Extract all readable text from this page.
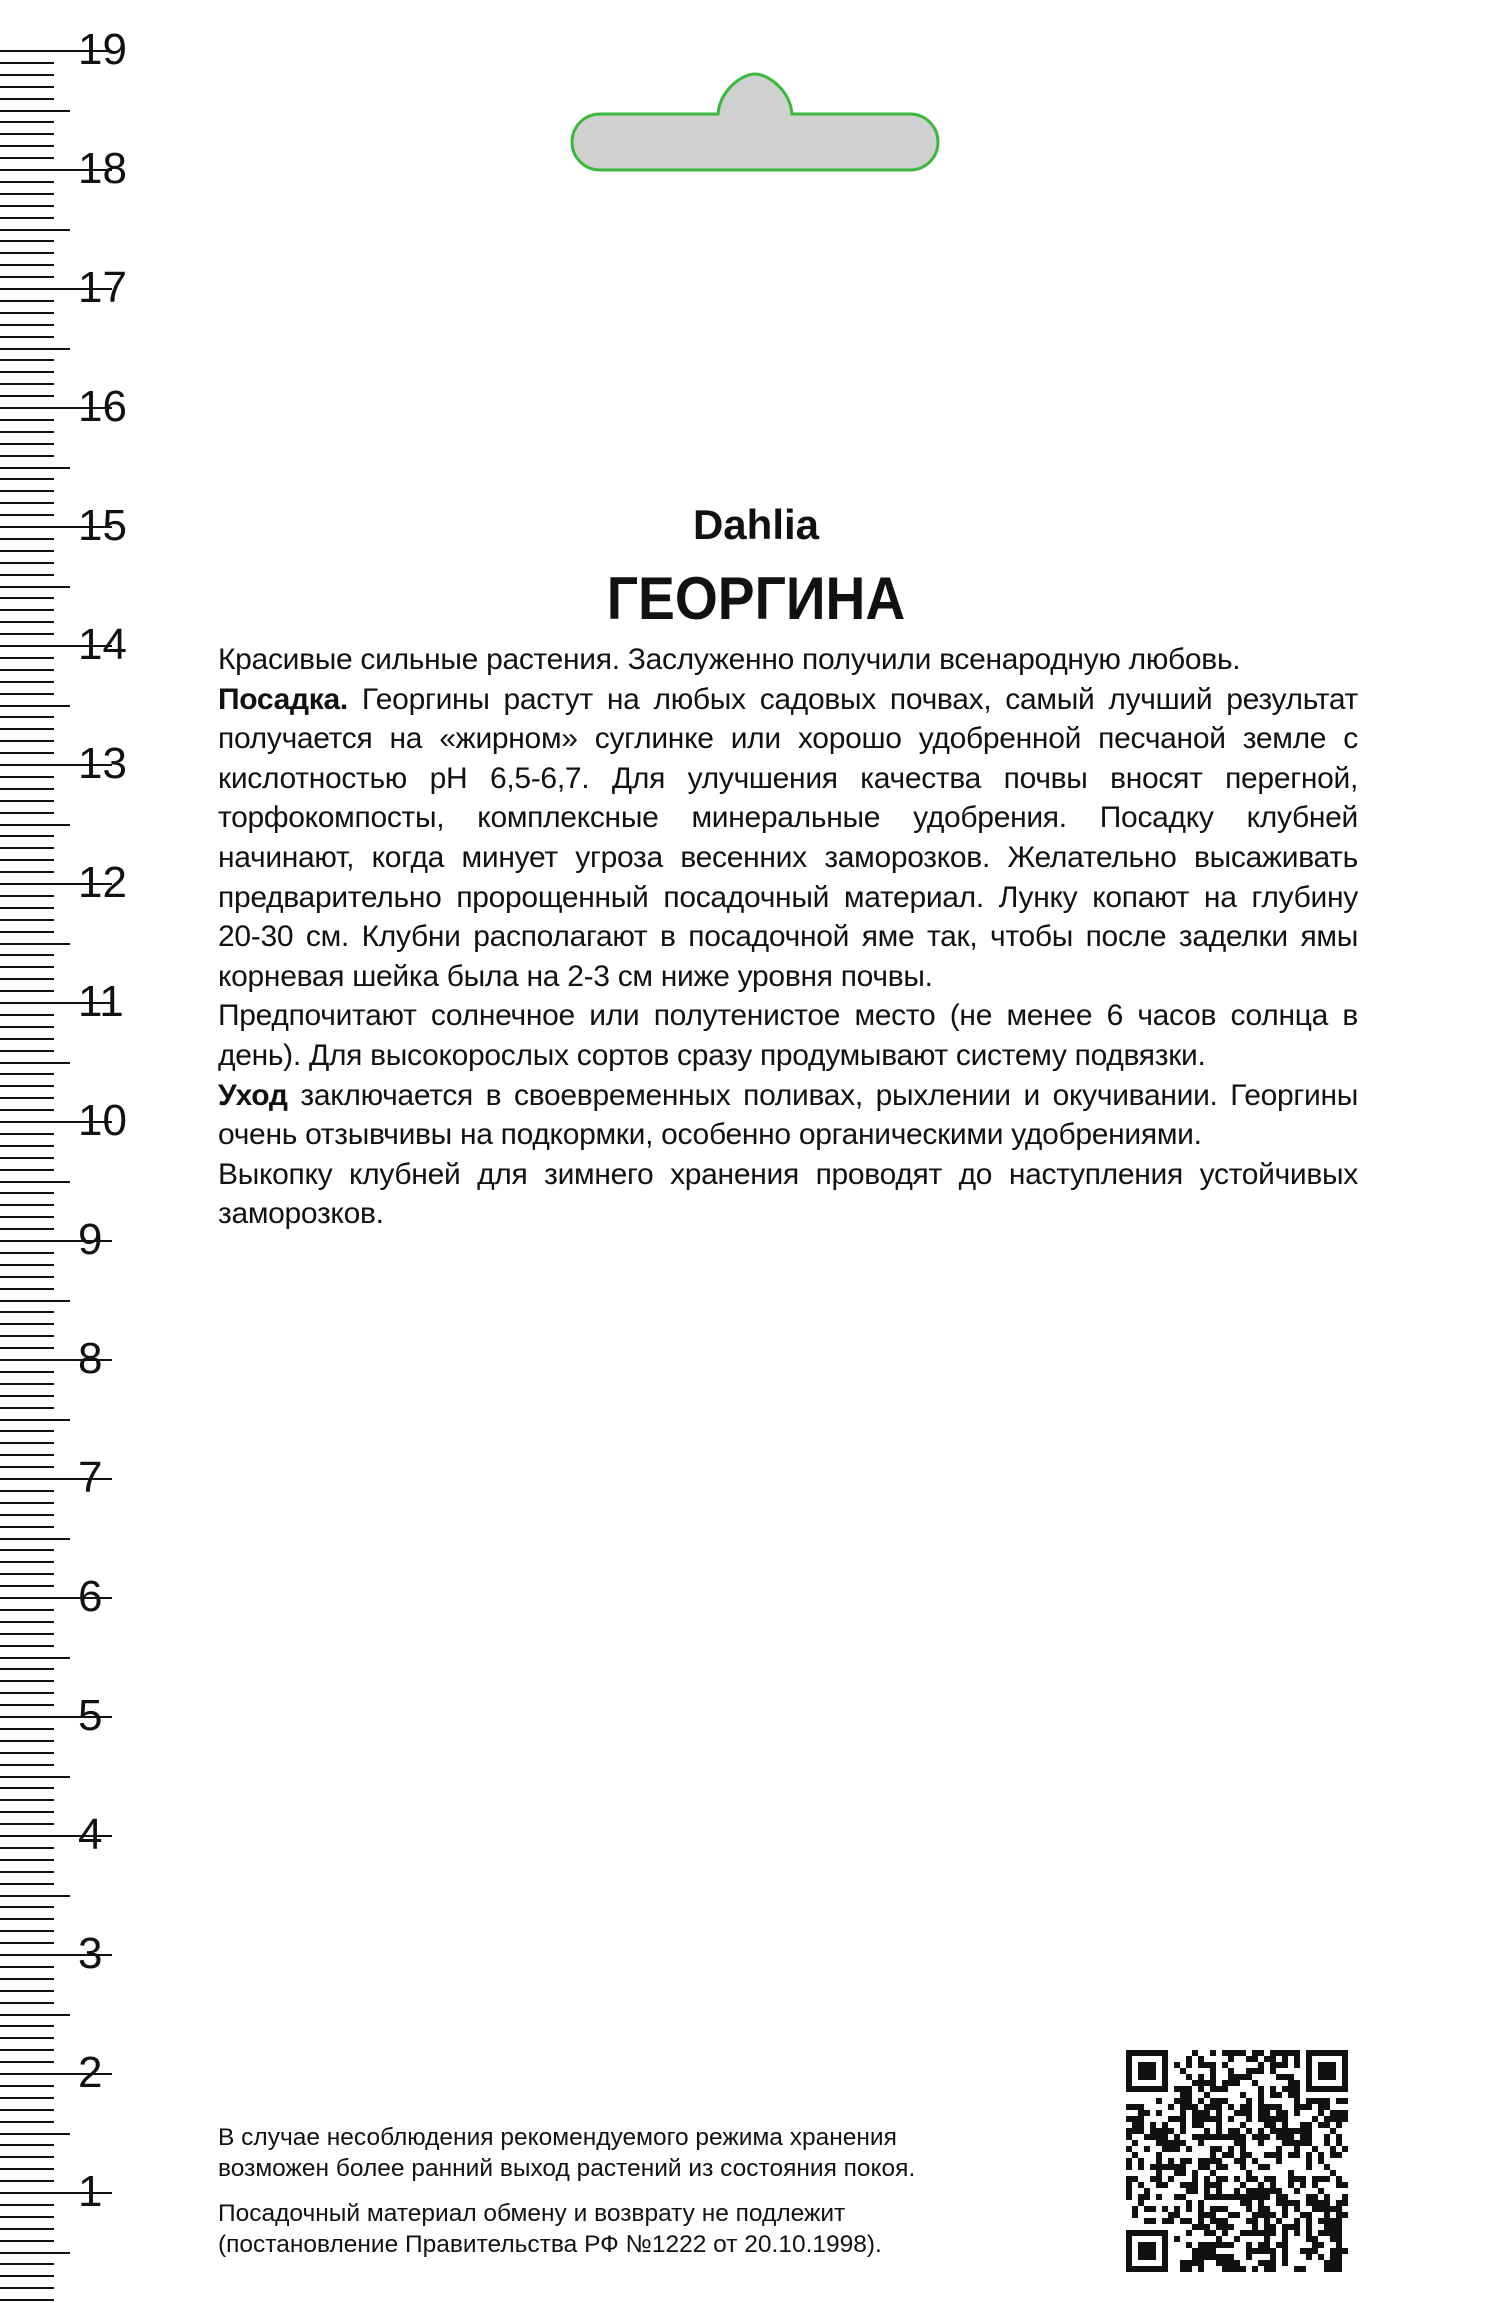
19
18
17
16
15
14
13
12
11
10
9
8
7
6
5
4
3
2
1
Dahlia
ГЕОРГИНА

Красивые сильные растения. Заслуженно получили всенародную любовь.

Посадка. Георгины растут на любых садовых почвах, самый лучший результат получается на «жирном» суглинке или хорошо удобренной песчаной земле с кислотностью pH 6,5-6,7. Для улучшения качества почвы вносят перегной, торфокомпосты, комплексные минеральные удобрения. Посадку клубней начинают, когда минует угроза весенних заморозков. Желательно высаживать предварительно пророщенный посадочный материал. Лунку копают на глубину 20-30 см. Клубни располагают в посадочной яме так, чтобы после заделки ямы корневая шейка была на 2-3 см ниже уровня почвы.

Предпочитают солнечное или полутенистое место (не менее 6 часов солнца в день). Для высокорослых сортов сразу продумывают систему подвязки.

Уход заключается в своевременных поливах, рыхлении и окучивании. Георгины очень отзывчивы на подкормки, особенно органическими удобрениями.

Выкопку клубней для зимнего хранения проводят до наступления устойчивых заморозков.

В случае несоблюдения рекомендуемого режима хранения
возможен более ранний выход растений из состояния покоя.

Посадочный материал обмену и возврату не подлежит
(постановление Правительства РФ №1222 от 20.10.1998).
